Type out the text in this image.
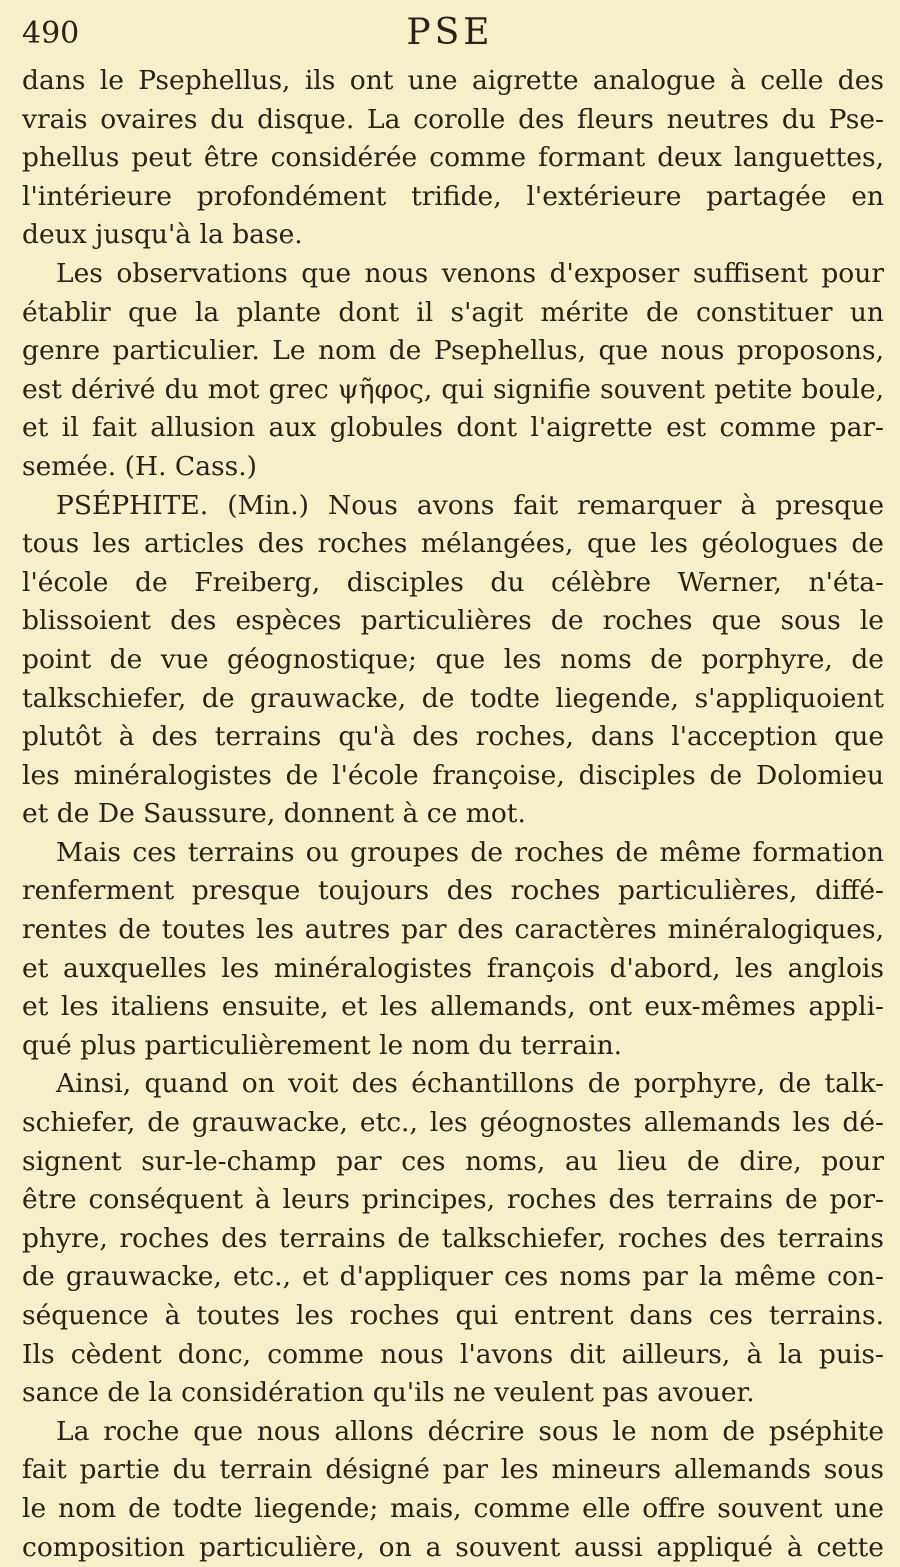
490	PSE
dans le Psephellus, ils ont une aigrette analogue à celle des
vrais ovaires du disque. La corolle des fleurs neutres du Pse-
phellus peut être considérée comme formant deux languettes,
l'intérieure profondément trifide, l'extérieure partagée en
deux jusqu'à la base.
Les observations que nous venons d'exposer suffisent pour
établir que la plante dont il s'agit mérite de constituer un
genre particulier. Le nom de Psephellus, que nous proposons,
est dérivé du mot grec ψῆφος, qui signifie souvent petite boule,
et il fait allusion aux globules dont l'aigrette est comme par-
semée. (H. Cass.)
PSÉPHITE. (Min.) Nous avons fait remarquer à presque
tous les articles des roches mélangées, que les géologues de
l'école de Freiberg, disciples du célèbre Werner, n'éta-
blissoient des espèces particulières de roches que sous le
point de vue géognostique; que les noms de porphyre, de
talkschiefer, de grauwacke, de todte liegende, s'appliquoient
plutôt à des terrains qu'à des roches, dans l'acception que
les minéralogistes de l'école françoise, disciples de Dolomieu
et de De Saussure, donnent à ce mot.
Mais ces terrains ou groupes de roches de même formation
renferment presque toujours des roches particulières, diffé-
rentes de toutes les autres par des caractères minéralogiques,
et auxquelles les minéralogistes françois d'abord, les anglois
et les italiens ensuite, et les allemands, ont eux-mêmes appli-
qué plus particulièrement le nom du terrain.
Ainsi, quand on voit des échantillons de porphyre, de talk-
schiefer, de grauwacke, etc., les géognostes allemands les dé-
signent sur-le-champ par ces noms, au lieu de dire, pour
être conséquent à leurs principes, roches des terrains de por-
phyre, roches des terrains de talkschiefer, roches des terrains
de grauwacke, etc., et d'appliquer ces noms par la même con-
séquence à toutes les roches qui entrent dans ces terrains.
Ils cèdent donc, comme nous l'avons dit ailleurs, à la puis-
sance de la considération qu'ils ne veulent pas avouer.
La roche que nous allons décrire sous le nom de pséphite
fait partie du terrain désigné par les mineurs allemands sous
le nom de todte liegende; mais, comme elle offre souvent une
composition particulière, on a souvent aussi appliqué à cette
